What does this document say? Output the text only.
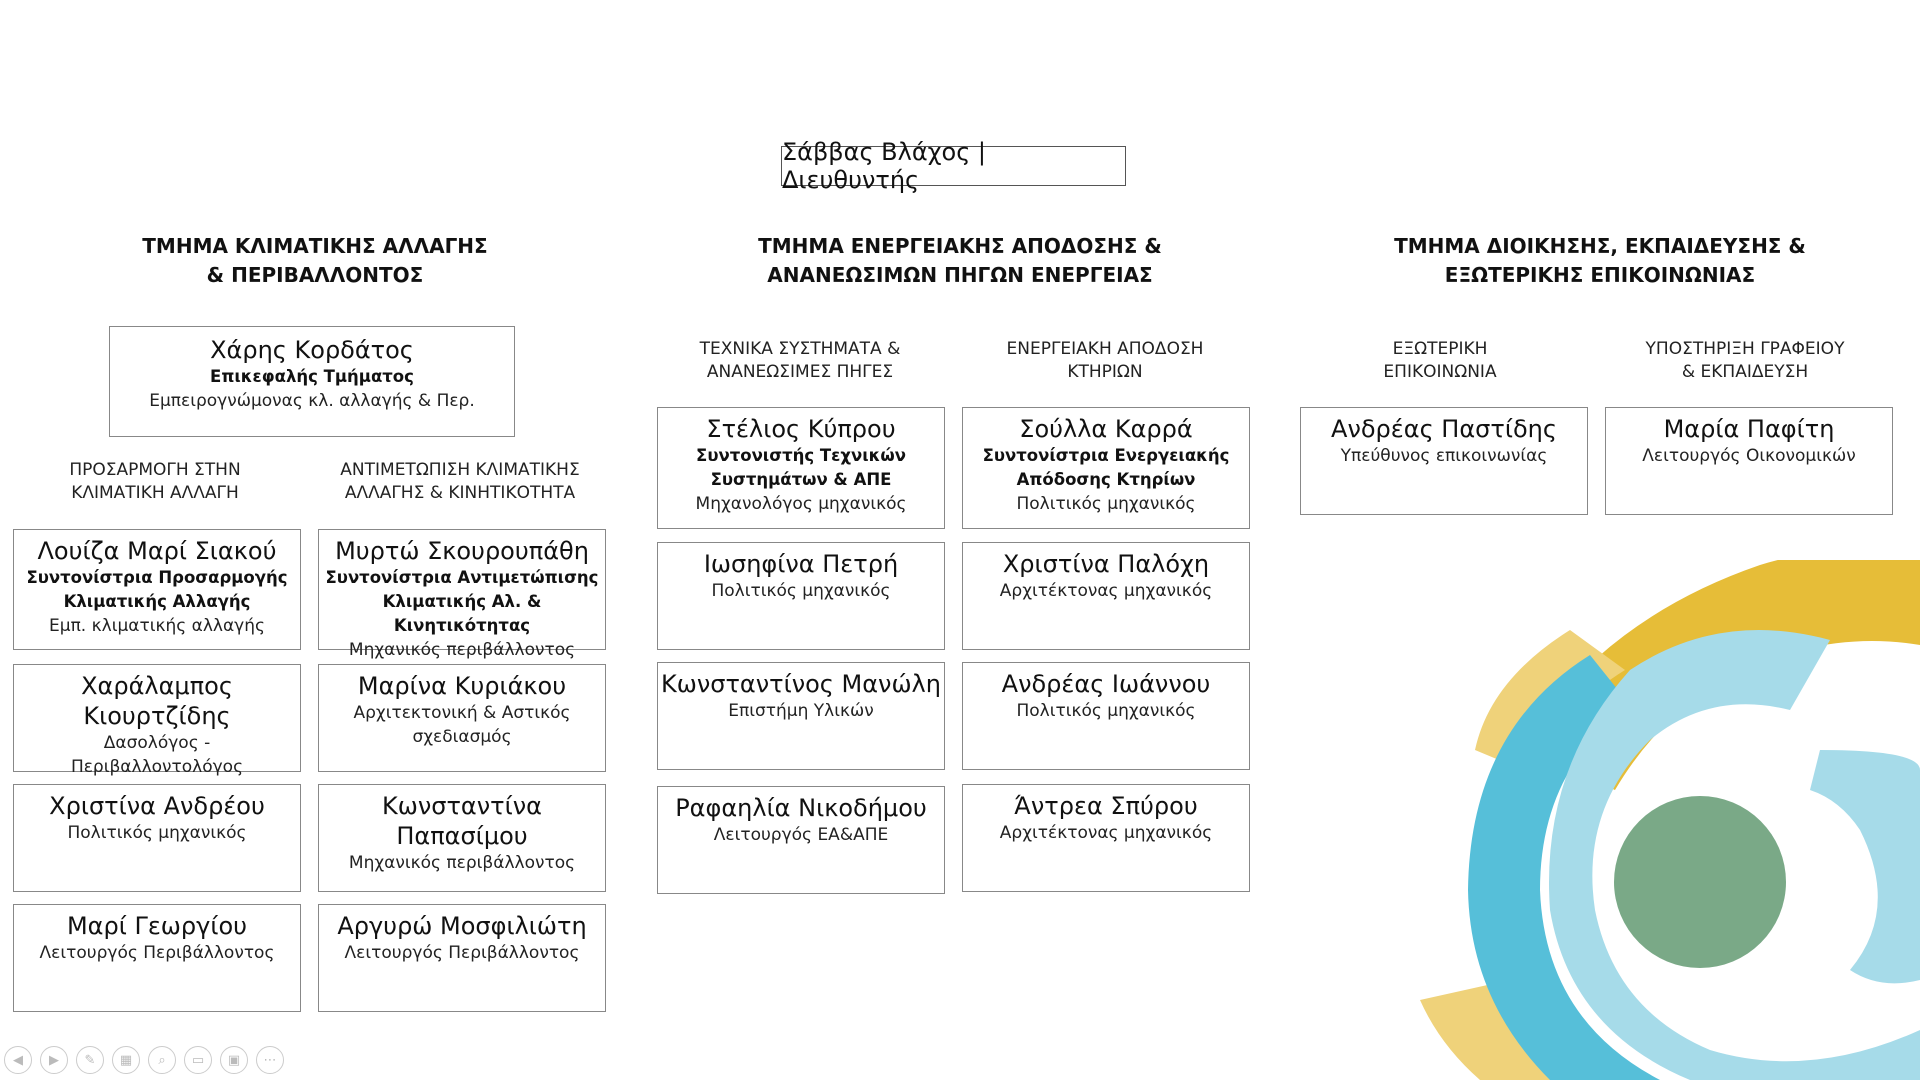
Σάββας Βλάχος | Διευθυντής
ΤΜΗΜΑ ΚΛΙΜΑΤΙΚΗΣ ΑΛΛΑΓΗΣ
& ΠΕΡΙΒΑΛΛΟΝΤΟΣ
ΤΜΗΜΑ ΕΝΕΡΓΕΙΑΚΗΣ ΑΠΟΔΟΣΗΣ &
ΑΝΑΝΕΩΣΙΜΩΝ ΠΗΓΩΝ ΕΝΕΡΓΕΙΑΣ
ΤΜΗΜΑ ΔΙΟΙΚΗΣΗΣ, ΕΚΠΑΙΔΕΥΣΗΣ &
ΕΞΩΤΕΡΙΚΗΣ ΕΠΙΚΟΙΝΩΝΙΑΣ
Χάρης Κορδάτος
Επικεφαλής Τμήματος
Εμπειρογνώμονας κλ. αλλαγής & Περ.
ΠΡΟΣΑΡΜΟΓΗ ΣΤΗΝ
ΚΛΙΜΑΤΙΚΗ ΑΛΛΑΓΗ
ΑΝΤΙΜΕΤΩΠΙΣΗ ΚΛΙΜΑΤΙΚΗΣ
ΑΛΛΑΓΗΣ & ΚΙΝΗΤΙΚΟΤΗΤΑ
ΤΕΧΝΙΚΑ ΣΥΣΤΗΜΑΤΑ &
ΑΝΑΝΕΩΣΙΜΕΣ ΠΗΓΕΣ
ΕΝΕΡΓΕΙΑΚΗ ΑΠΟΔΟΣΗ
ΚΤΗΡΙΩΝ
ΕΞΩΤΕΡΙΚΗ
ΕΠΙΚΟΙΝΩΝΙΑ
ΥΠΟΣΤΗΡΙΞΗ ΓΡΑΦΕΙΟΥ
& ΕΚΠΑΙΔΕΥΣΗ
Λουίζα Μαρί Σιακού
Συντονίστρια Προσαρμογής
Κλιματικής Αλλαγής
Εμπ. κλιματικής αλλαγής
Χαράλαμπος Κιουρτζίδης
Δασολόγος -
Περιβαλλοντολόγος
Χριστίνα Ανδρέου
Πολιτικός μηχανικός
Μαρί Γεωργίου
Λειτουργός Περιβάλλοντος
Μυρτώ Σκουρουπάθη
Συντονίστρια Αντιμετώπισης
Κλιματικής Αλ. & Κινητικότητας
Μηχανικός περιβάλλοντος
Μαρίνα Κυριάκου
Αρχιτεκτονική & Αστικός
σχεδιασμός
Κωνσταντίνα Παπασίμου
Μηχανικός περιβάλλοντος
Αργυρώ Μοσφιλιώτη
Λειτουργός Περιβάλλοντος
Στέλιος Κύπρου
Συντονιστής Τεχνικών
Συστημάτων & ΑΠΕ
Μηχανολόγος μηχανικός
Ιωσηφίνα Πετρή
Πολιτικός μηχανικός
Κωνσταντίνος Μανώλη
Επιστήμη Υλικών
Ραφαηλία Νικοδήμου
Λειτουργός ΕΑ&ΑΠΕ
Σούλλα Καρρά
Συντονίστρια Ενεργειακής
Απόδοσης Κτηρίων
Πολιτικός μηχανικός
Χριστίνα Παλόχη
Αρχιτέκτονας μηχανικός
Ανδρέας Ιωάννου
Πολιτικός μηχανικός
Άντρεα Σπύρου
Αρχιτέκτονας μηχανικός
Ανδρέας Παστίδης
Υπεύθυνος επικοινωνίας
Μαρία Παφίτη
Λειτουργός Οικονομικών
◀	▶	✎	▦	⌕	▭	▣	⋯
